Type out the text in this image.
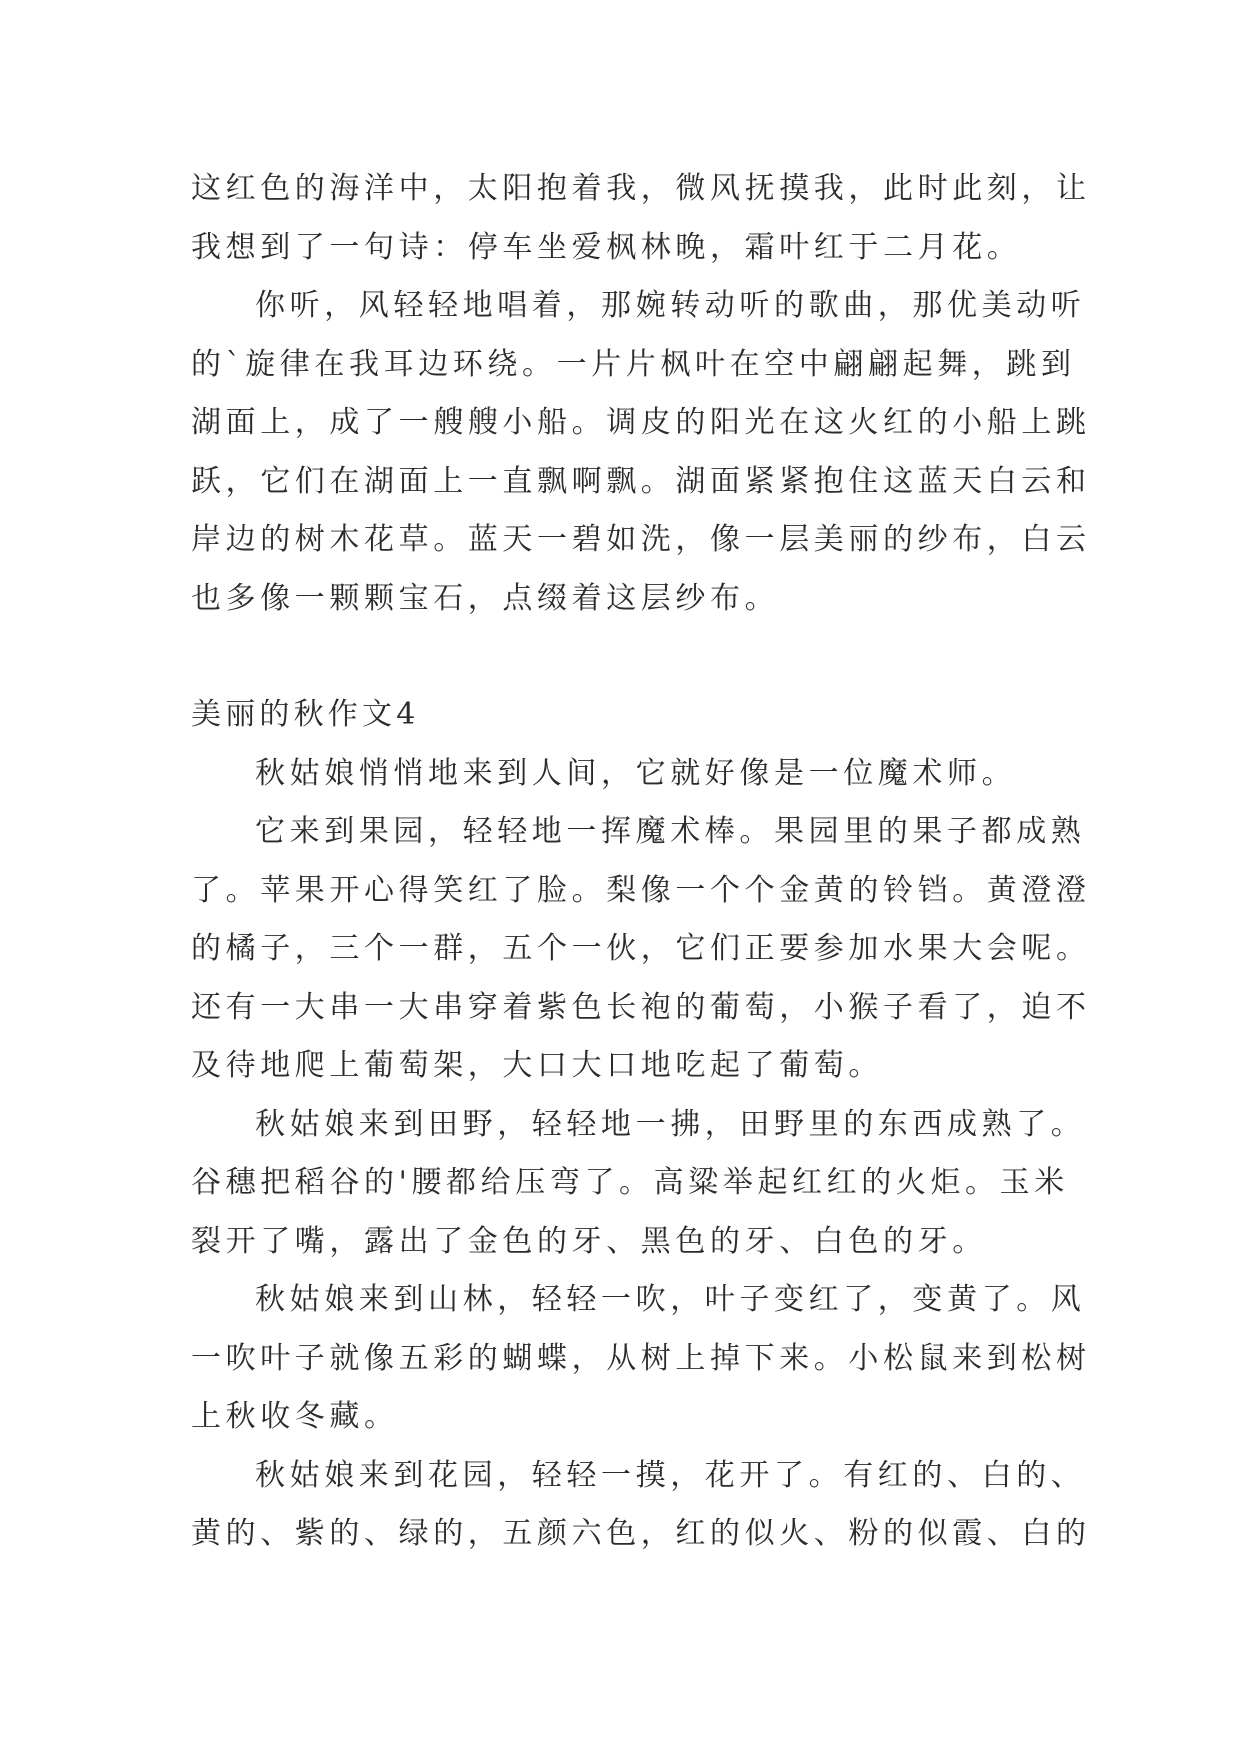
这红色的海洋中，太阳抱着我，微风抚摸我，此时此刻，让
我想到了一句诗：停车坐爱枫林晚，霜叶红于二月花。

你听，风轻轻地唱着，那婉转动听的歌曲，那优美动听
的`旋律在我耳边环绕。一片片枫叶在空中翩翩起舞，跳到
湖面上，成了一艘艘小船。调皮的阳光在这火红的小船上跳
跃，它们在湖面上一直飘啊飘。湖面紧紧抱住这蓝天白云和
岸边的树木花草。蓝天一碧如洗，像一层美丽的纱布，白云
也多像一颗颗宝石，点缀着这层纱布。

美丽的秋作文4

秋姑娘悄悄地来到人间，它就好像是一位魔术师。

它来到果园，轻轻地一挥魔术棒。果园里的果子都成熟
了。苹果开心得笑红了脸。梨像一个个金黄的铃铛。黄澄澄
的橘子，三个一群，五个一伙，它们正要参加水果大会呢。
还有一大串一大串穿着紫色长袍的葡萄，小猴子看了，迫不
及待地爬上葡萄架，大口大口地吃起了葡萄。

秋姑娘来到田野，轻轻地一拂，田野里的东西成熟了。
谷穗把稻谷的'腰都给压弯了。高粱举起红红的火炬。玉米
裂开了嘴，露出了金色的牙、黑色的牙、白色的牙。

秋姑娘来到山林，轻轻一吹，叶子变红了，变黄了。风
一吹叶子就像五彩的蝴蝶，从树上掉下来。小松鼠来到松树
上秋收冬藏。

秋姑娘来到花园，轻轻一摸，花开了。有红的、白的、
黄的、紫的、绿的，五颜六色，红的似火、粉的似霞、白的
